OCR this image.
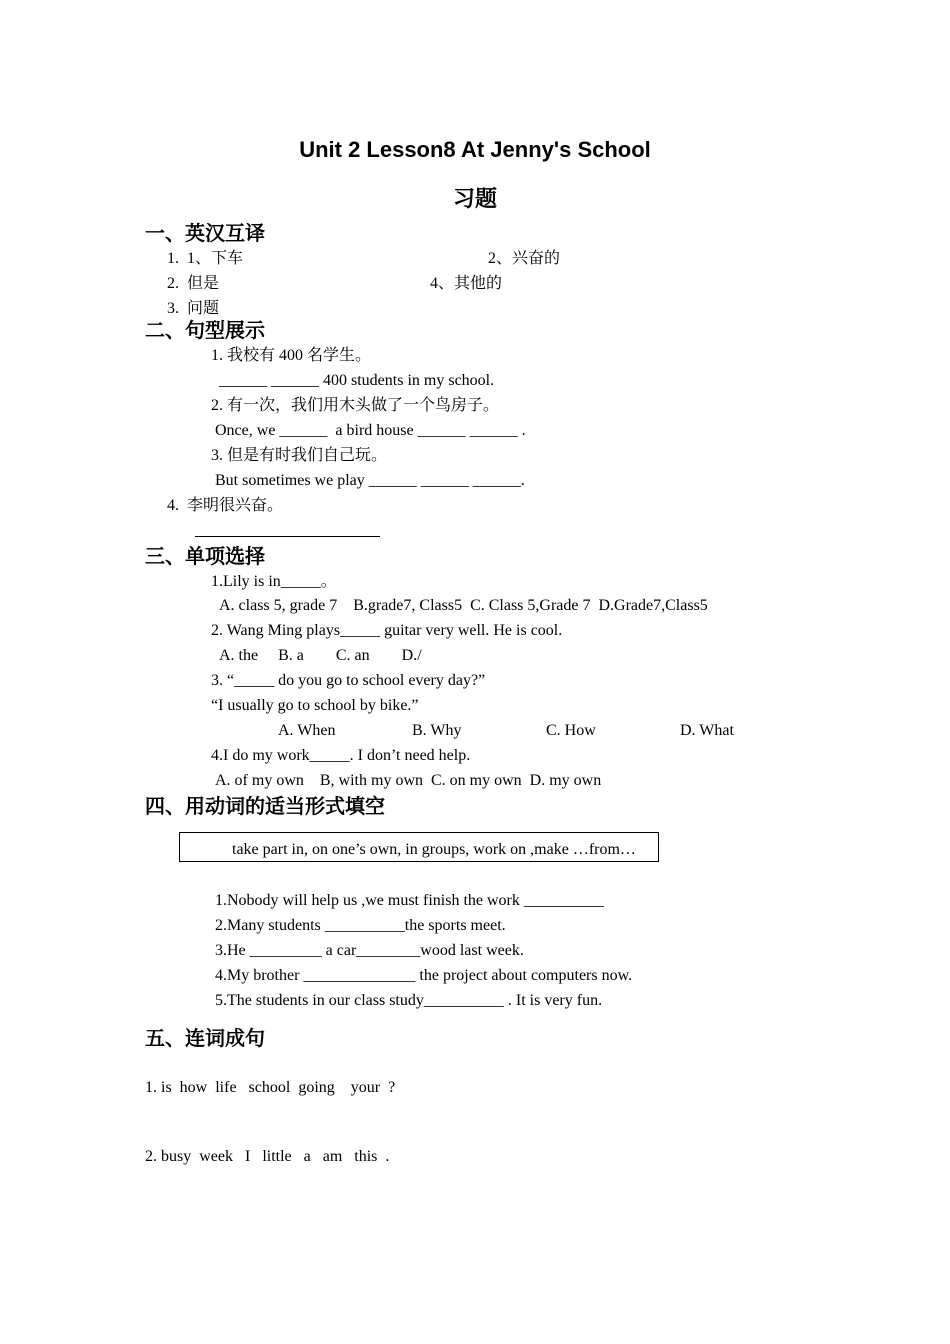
Unit 2 Lesson8 At Jenny's School
习题
一、英汉互译
1.  1、下车	2、兴奋的
2.  但是	4、其他的
3.  问题
二、句型展示
1. 我校有 400 名学生。
______ ______ 400 students in my school.
2. 有一次，我们用木头做了一个鸟房子。
Once, we ______  a bird house ______ ______ .
3. 但是有时我们自己玩。
But sometimes we play ______ ______ ______.
4.  李明很兴奋。
三、单项选择
1.Lily is in_____。
A. class 5, grade 7    B.grade7, Class5  C. Class 5,Grade 7  D.Grade7,Class5
2. Wang Ming plays_____ guitar very well. He is cool.
A. the     B. a        C. an        D./
3. “_____ do you go to school every day?”
“I usually go to school by bike.”
A. When	B. Why	C. How	D. What
4.I do my work_____. I don’t need help.
A. of my own    B, with my own  C. on my own  D. my own
四、用动词的适当形式填空
take part in, on one’s own, in groups, work on ,make …from…
1.Nobody will help us ,we must finish the work __________
2.Many students __________the sports meet.
3.He _________ a car________wood last week.
4.My brother ______________ the project about computers now.
5.The students in our class study__________ . It is very fun.
五、连词成句
1. is  how  life   school  going    your  ?
2. busy  week   I   little   a   am   this  .
